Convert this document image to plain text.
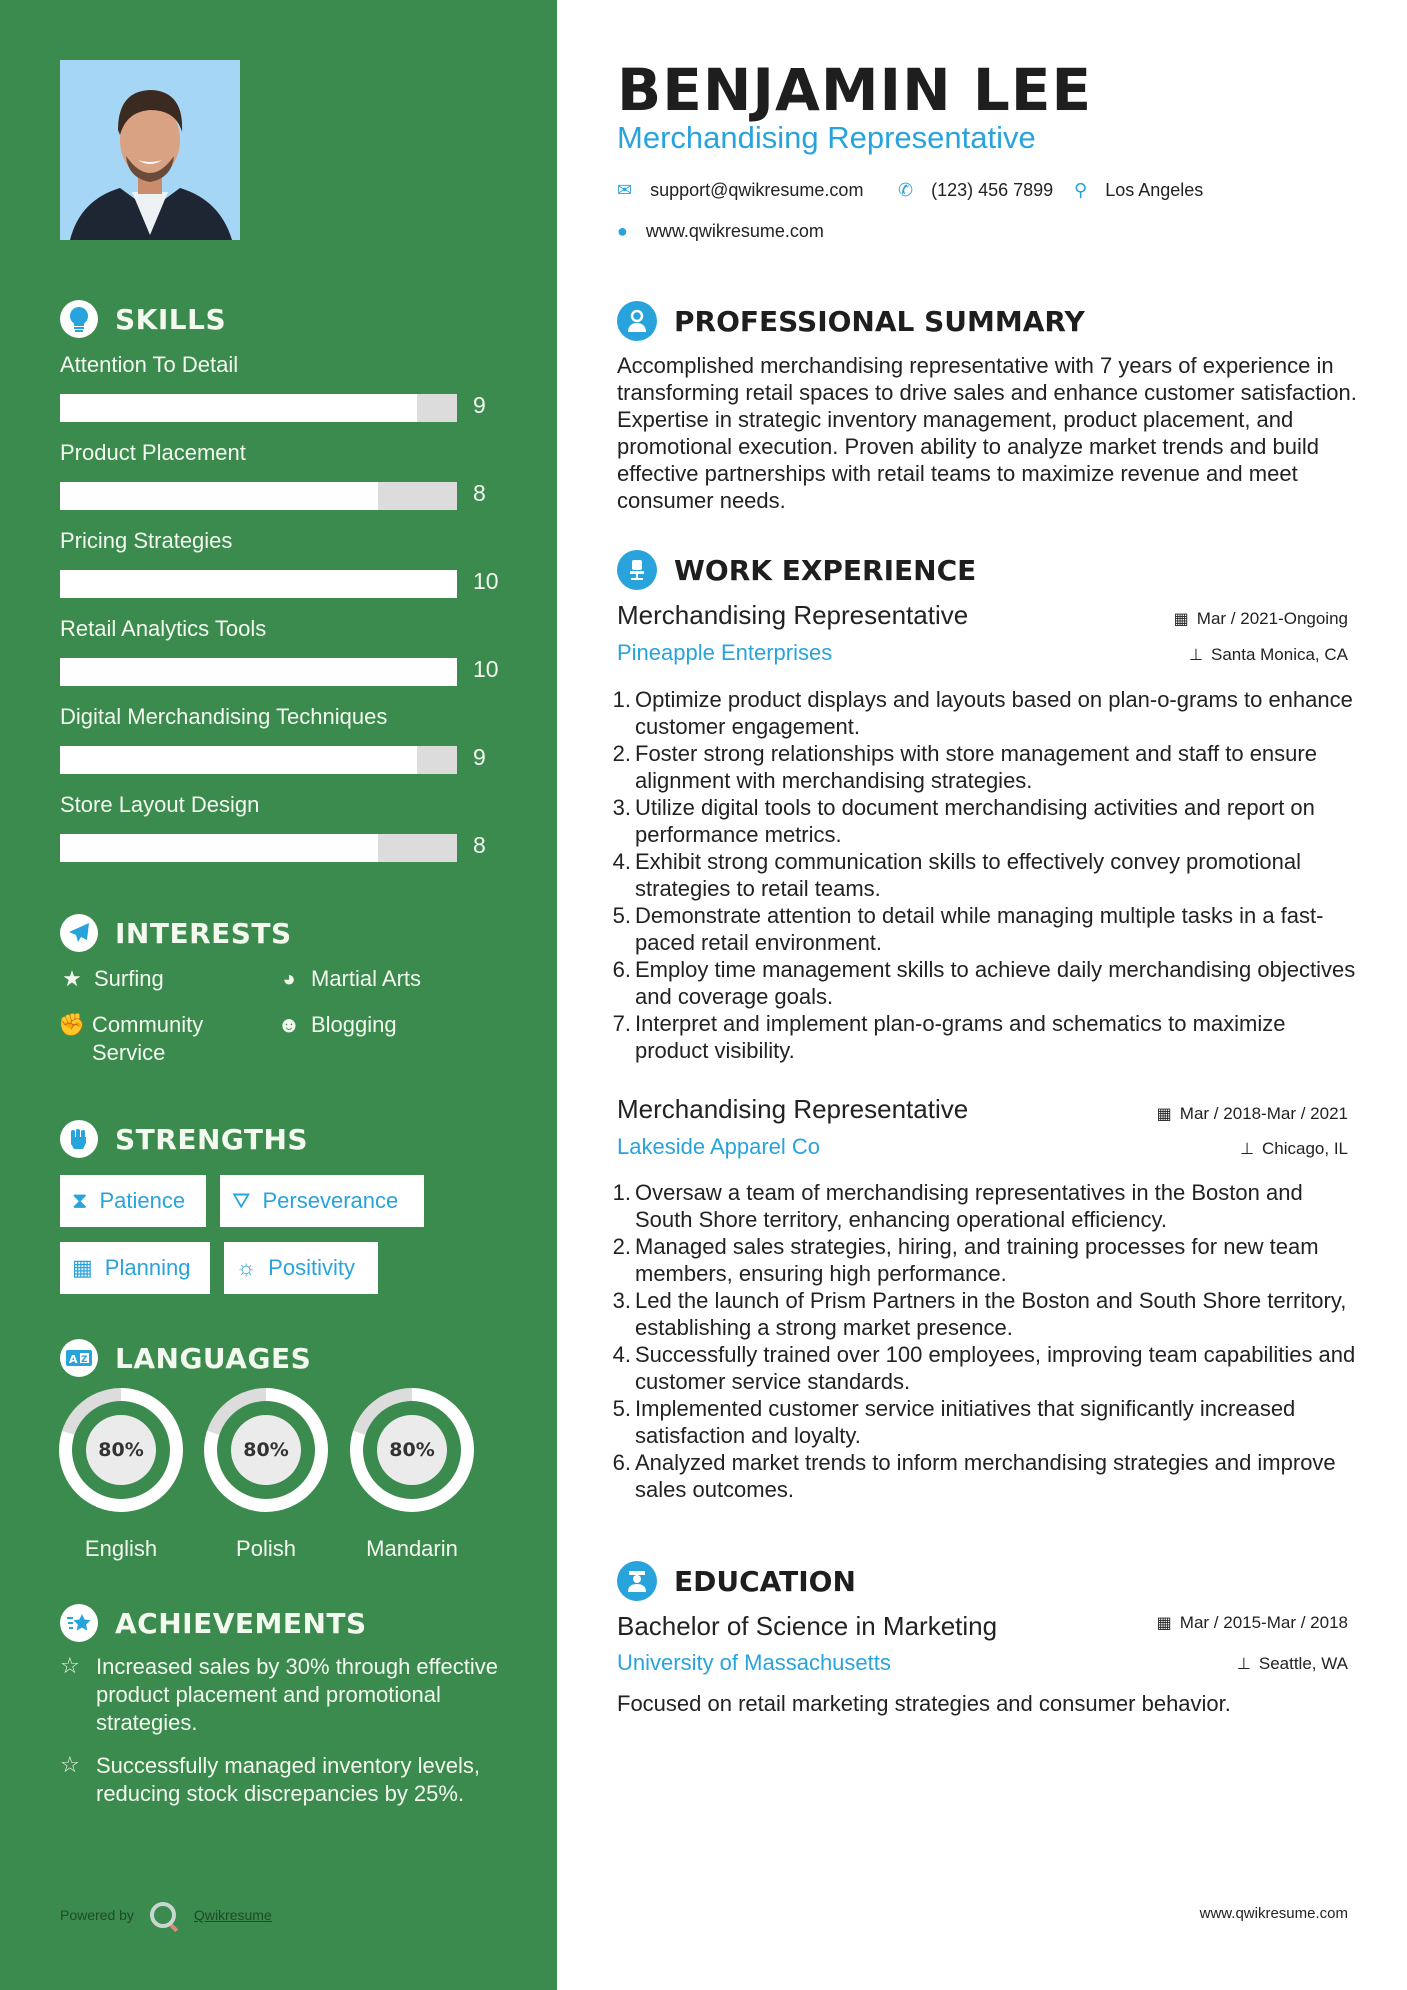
SKILLS
Attention To Detail
9
Product Placement
8
Pricing Strategies
10
Retail Analytics Tools
10
Digital Merchandising Techniques
9
Store Layout Design
8
INTERESTS
★ Surfing	◕ Martial Arts
✊ Community Service
☻ Blogging
STRENGTHS
⧗ Patience ⛛ Perseverance
▦ Planning ☼ Positivity
A Z LANGUAGES
80%
English
80%
Polish
80%
Mandarin
ACHIEVEMENTS
☆ Increased sales by 30% through effective product placement and promotional strategies.
☆ Successfully managed inventory levels, reducing stock discrepancies by 25%.
Powered by	Qwikresume
BENJAMIN LEE
Merchandising Representative
✉ support@qwikresume.com ✆ (123) 456 7899 ⚲ Los Angeles
● www.qwikresume.com
PROFESSIONAL SUMMARY
Accomplished merchandising representative with 7 years of experience in transforming retail spaces to drive sales and enhance customer satisfaction. Expertise in strategic inventory management, product placement, and promotional execution. Proven ability to analyze market trends and build effective partnerships with retail teams to maximize revenue and meet consumer needs.
WORK EXPERIENCE
Merchandising Representative	▦ Mar / 2021-Ongoing
Pineapple Enterprises	⊥ Santa Monica, CA
1. Optimize product displays and layouts based on plan-o-grams to enhance customer engagement.
2. Foster strong relationships with store management and staff to ensure alignment with merchandising strategies.
3. Utilize digital tools to document merchandising activities and report on performance metrics.
4. Exhibit strong communication skills to effectively convey promotional strategies to retail teams.
5. Demonstrate attention to detail while managing multiple tasks in a fast-paced retail environment.
6. Employ time management skills to achieve daily merchandising objectives and coverage goals.
7. Interpret and implement plan-o-grams and schematics to maximize product visibility.
Merchandising Representative	▦ Mar / 2018-Mar / 2021
Lakeside Apparel Co	⊥ Chicago, IL
1. Oversaw a team of merchandising representatives in the Boston and South Shore territory, enhancing operational efficiency.
2. Managed sales strategies, hiring, and training processes for new team members, ensuring high performance.
3. Led the launch of Prism Partners in the Boston and South Shore territory, establishing a strong market presence.
4. Successfully trained over 100 employees, improving team capabilities and customer service standards.
5. Implemented customer service initiatives that significantly increased satisfaction and loyalty.
6. Analyzed market trends to inform merchandising strategies and improve sales outcomes.
EDUCATION
Bachelor of Science in Marketing	▦ Mar / 2015-Mar / 2018
University of Massachusetts	⊥ Seattle, WA
Focused on retail marketing strategies and consumer behavior.
www.qwikresume.com
